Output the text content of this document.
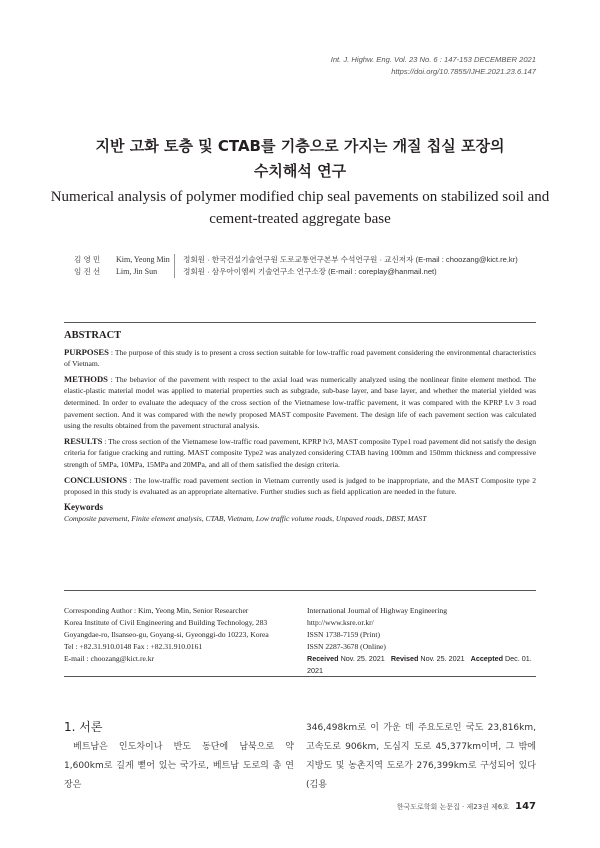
Int. J. Highw. Eng. Vol. 23 No. 6 : 147-153 DECEMBER 2021
https://doi.org/10.7855/IJHE.2021.23.6.147
지반 고화 토층 및 CTAB를 기층으로 가지는 개질 칩실 포장의
수치해석 연구
Numerical analysis of polymer modified chip seal pavements on stabilized soil and
cement-treated aggregate base
김 영 민	Kim, Yeong Min	정회원 · 한국건설기술연구원 도로교통연구본부 수석연구원 · 교신저자 (E-mail : choozang@kict.re.kr)
임 진 선	Lim, Jin Sun	정회원 · 삼우아이엠씨 기술연구소 연구소장 (E-mail : coreplay@hanmail.net)
ABSTRACT

PURPOSES : The purpose of this study is to present a cross section suitable for low-traffic road pavement considering the environmental characteristics of Vietnam.

METHODS : The behavior of the pavement with respect to the axial load was numerically analyzed using the nonlinear finite element method. The elastic-plastic material model was applied to material properties such as subgrade, sub-base layer, and base layer, and whether the material yielded was determined. In order to evaluate the adequacy of the cross section of the Vietnamese low-traffic pavement, it was compared with the KPRP Lv 3 road pavement section. And it was compared with the newly proposed MAST composite Pavement. The design life of each pavement section was calculated using the results obtained from the pavement structural analysis.

RESULTS : The cross section of the Vietnamese low-traffic road pavement, KPRP lv3, MAST composite Type1 road pavement did not satisfy the design criteria for fatigue cracking and rutting. MAST composite Type2 was analyzed considering CTAB having 100mm and 150mm thickness and compressive strength of 5MPa, 10MPa, 15MPa and 20MPa, and all of them satisfied the design criteria.

CONCLUSIONS : The low-traffic road pavement section in Vietnam currently used is judged to be inappropriate, and the MAST Composite type 2 proposed in this study is evaluated as an appropriate alternative. Further studies such as field application are needed in the future.

Keywords
Composite pavement, Finite element analysis, CTAB, Vietnam, Low traffic volume roads, Unpaved roads, DBST, MAST
Corresponding Author : Kim, Yeong Min, Senior Researcher
Korea Institute of Civil Engineering and Building Technology, 283
Goyangdae-ro, Ilsanseo-gu, Goyang-si, Gyeonggi-do 10223, Korea
Tel : +82.31.910.0148 Fax : +82.31.910.0161
E-mail : choozang@kict.re.kr
International Journal of Highway Engineering
http://www.ksre.or.kr/
ISSN 1738-7159 (Print)
ISSN 2287-3678 (Online)
Received Nov. 25. 2021 Revised Nov. 25. 2021 Accepted Dec. 01. 2021
1. 서론
베트남은 인도차이나 반도 동단에 남북으로 약 1,600km로 길게 뻗어 있는 국가로, 베트남 도로의 총 연장은
346,498km로 이 가운 데 주요도로인 국도 23,816km, 고속도로 906km, 도심지 도로 45,377km이며, 그 밖에 지방도 및 농촌지역 도로가 276,399km로 구성되어 있다(김용
한국도로학회 논문집 · 제23권 제6호 147
